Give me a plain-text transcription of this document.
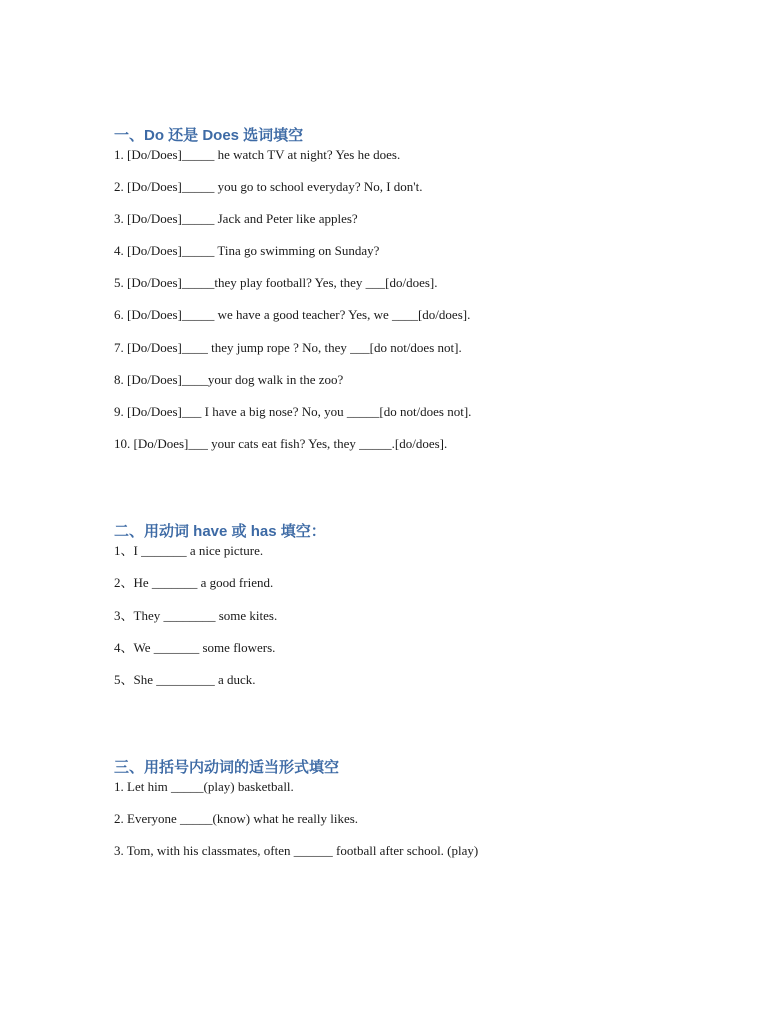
一、Do 还是 Does 选词填空
1. [Do/Does]_____ he watch TV at night? Yes he does.
2. [Do/Does]_____ you go to school everyday? No, I don't.
3. [Do/Does]_____ Jack and Peter like apples?
4. [Do/Does]_____ Tina go swimming on Sunday?
5. [Do/Does]_____they play football? Yes, they ___[do/does].
6. [Do/Does]_____ we have a good teacher? Yes, we ____[do/does].
7. [Do/Does]____ they jump rope ? No, they ___[do not/does not].
8. [Do/Does]____your dog walk in the zoo?
9. [Do/Does]___ I have a big nose? No, you _____[do not/does not].
10. [Do/Does]___ your cats eat fish? Yes, they _____.[do/does].
二、用动词 have 或 has 填空：
1、I _______ a nice picture.
2、He _______ a good friend.
3、They ________ some kites.
4、We _______ some flowers.
5、She _________ a duck.
三、用括号内动词的适当形式填空
1. Let him _____(play) basketball.
2. Everyone _____(know) what he really likes.
3. Tom, with his classmates, often ______ football after school. (play)
